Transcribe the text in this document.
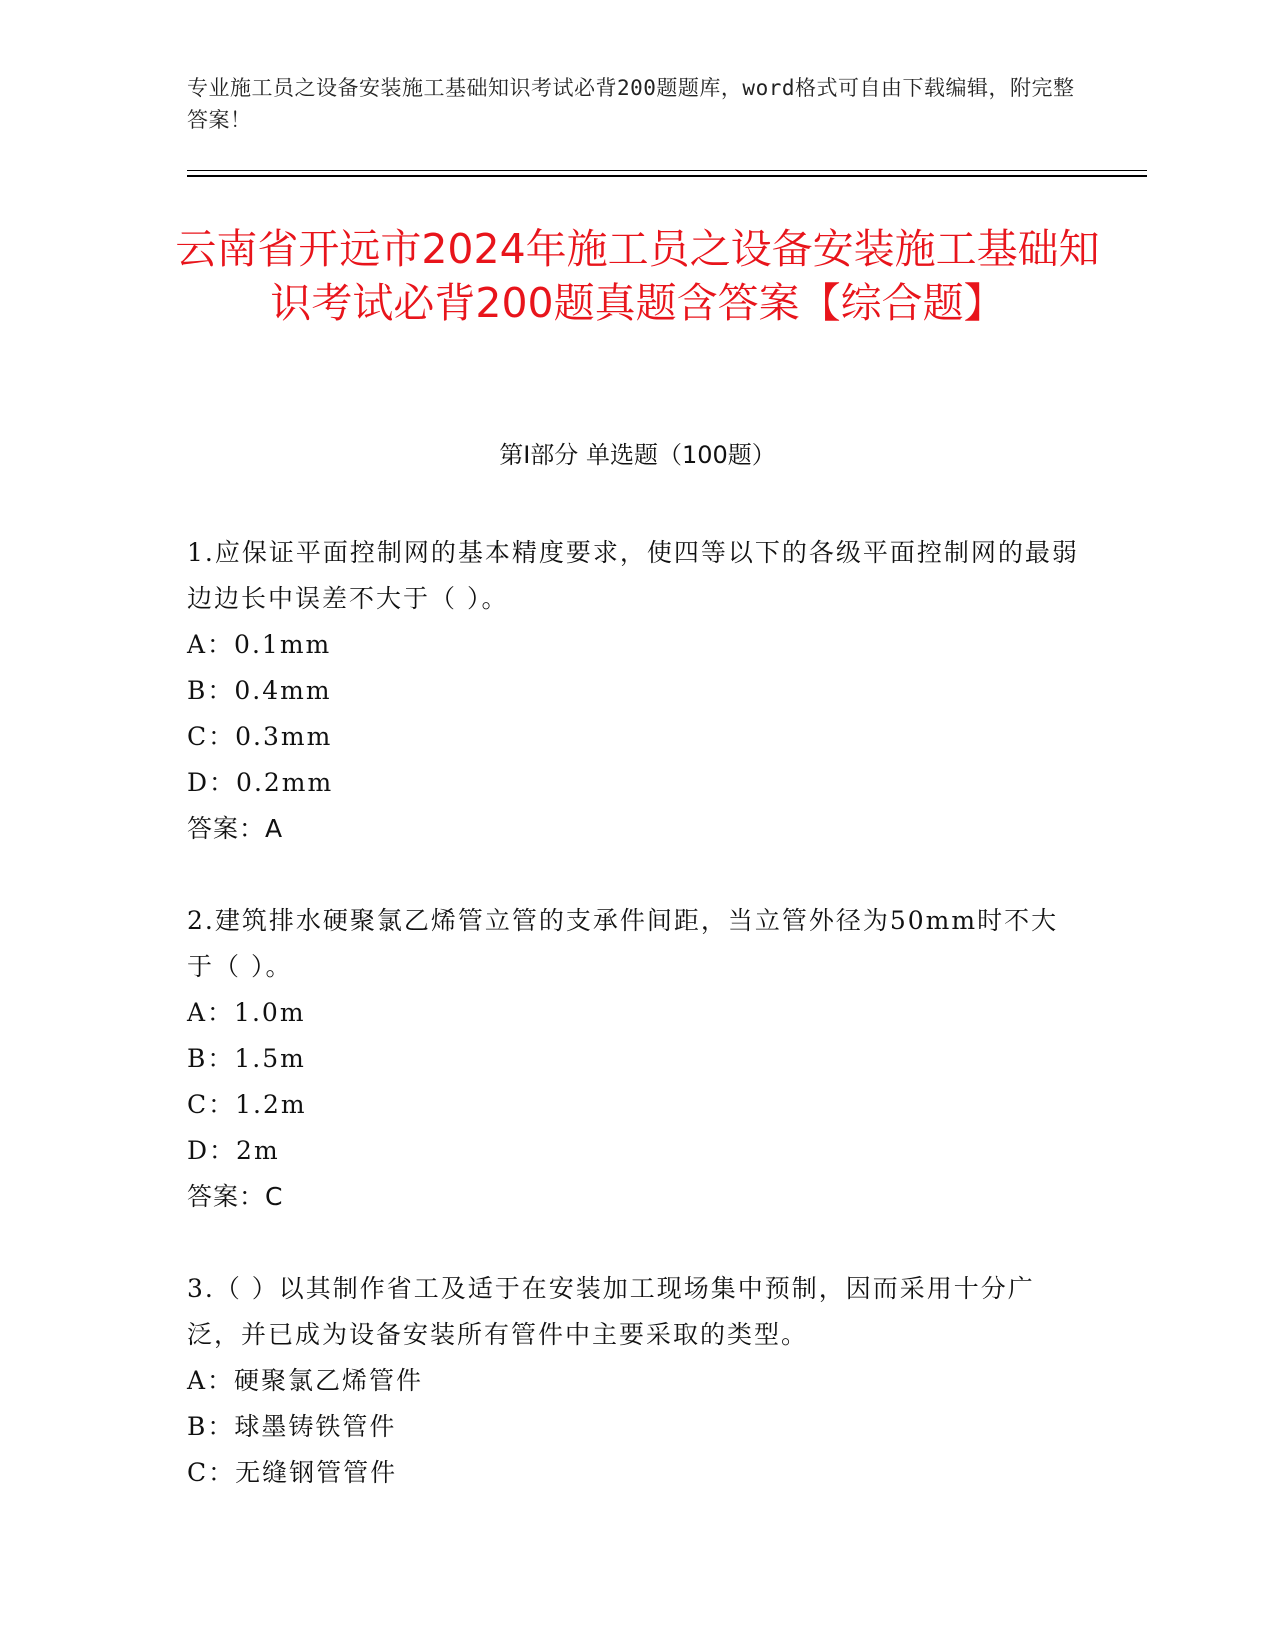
专业施工员之设备安装施工基础知识考试必背200题题库，word格式可自由下载编辑，附完整答案！
云南省开远市2024年施工员之设备安装施工基础知识考试必背200题真题含答案【综合题】
第Ⅰ部分 单选题（100题）
1.应保证平面控制网的基本精度要求，使四等以下的各级平面控制网的最弱边边长中误差不大于（ ）。
A：0.1mm
B：0.4mm
C：0.3mm
D：0.2mm
答案：A
2.建筑排水硬聚氯乙烯管立管的支承件间距，当立管外径为50mm时不大于（ ）。
A：1.0m
B：1.5m
C：1.2m
D：2m
答案：C
3.（ ）以其制作省工及适于在安装加工现场集中预制，因而采用十分广泛，并已成为设备安装所有管件中主要采取的类型。
A：硬聚氯乙烯管件
B：球墨铸铁管件
C：无缝钢管管件
